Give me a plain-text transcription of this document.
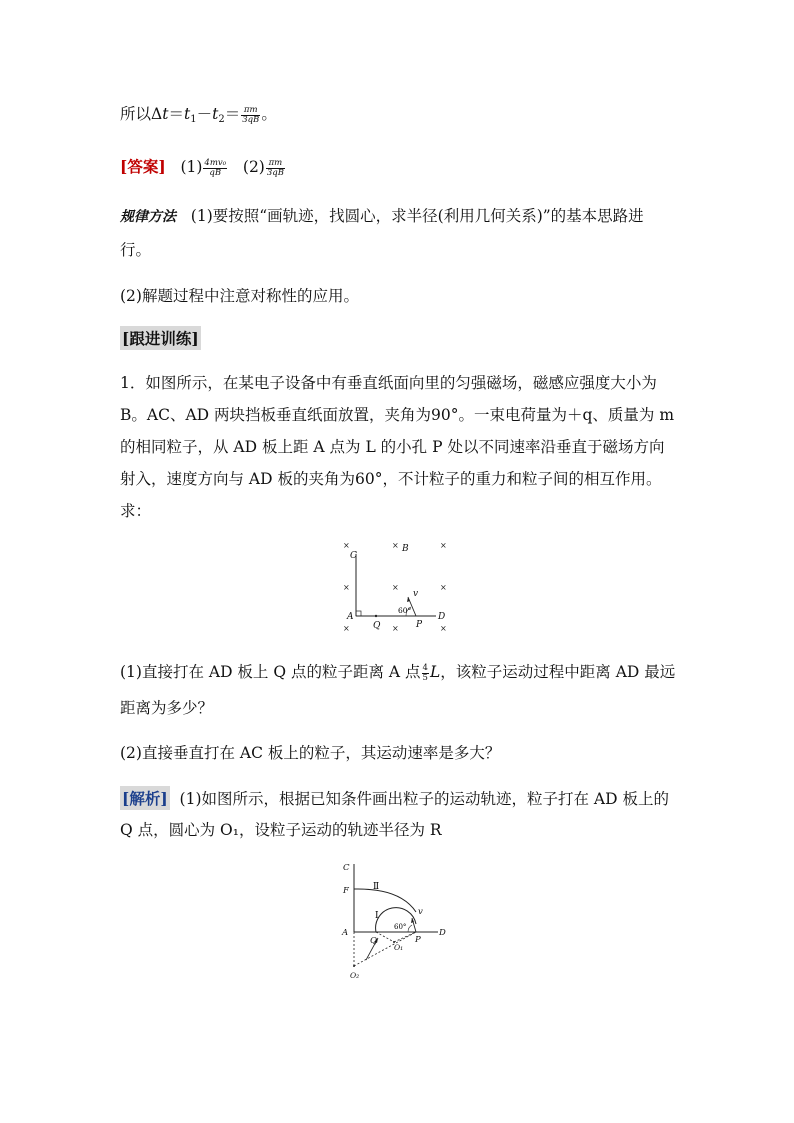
所以$\Delta t=t_1-t_2= \frac{\pi m}{3qB}$ 。
[答案] $(1) \frac{\text{4mv₀}}{qB} (2) \frac{\pi m}{3qB}$
规律方法 (1)要按照“画轨迹，找圆心，求半径(利用几何关系)”的基本思路进
行。
(2)解题过程中注意对称性的应用。
[跟进训练]
1．如图所示，在某电子设备中有垂直纸面向里的匀强磁场，磁感应强度大小为
B。AC、AD 两块挡板垂直纸面放置，夹角为90°。一束电荷量为＋q、质量为 m
的相同粒子，从 AD 板上距 A 点为 L 的小孔 P 处以不同速率沿垂直于磁场方向
射入，速度方向与 AD 板的夹角为60°，不计粒子的重力和粒子间的相互作用。
求：
×	×	×
×	×	×
×	×	×
C
B
A
Q	P
D
v
60°
(1)直接打在 AD 板上 Q 点的粒子距离 A 点 $\frac{4}{5}$ L，该粒子运动过程中距离 AD 最远
距离为多少？
(2)直接垂直打在 AC 板上的粒子，其运动速率是多大？
[解析] (1)如图所示，根据已知条件画出粒子的运动轨迹，粒子打在 AD 板上的
Q 点，圆心为 O₁，设粒子运动的轨迹半径为 R
C
F
A
Q	P
D
v
O₁
O₂
Ⅱ
Ⅰ
60°
